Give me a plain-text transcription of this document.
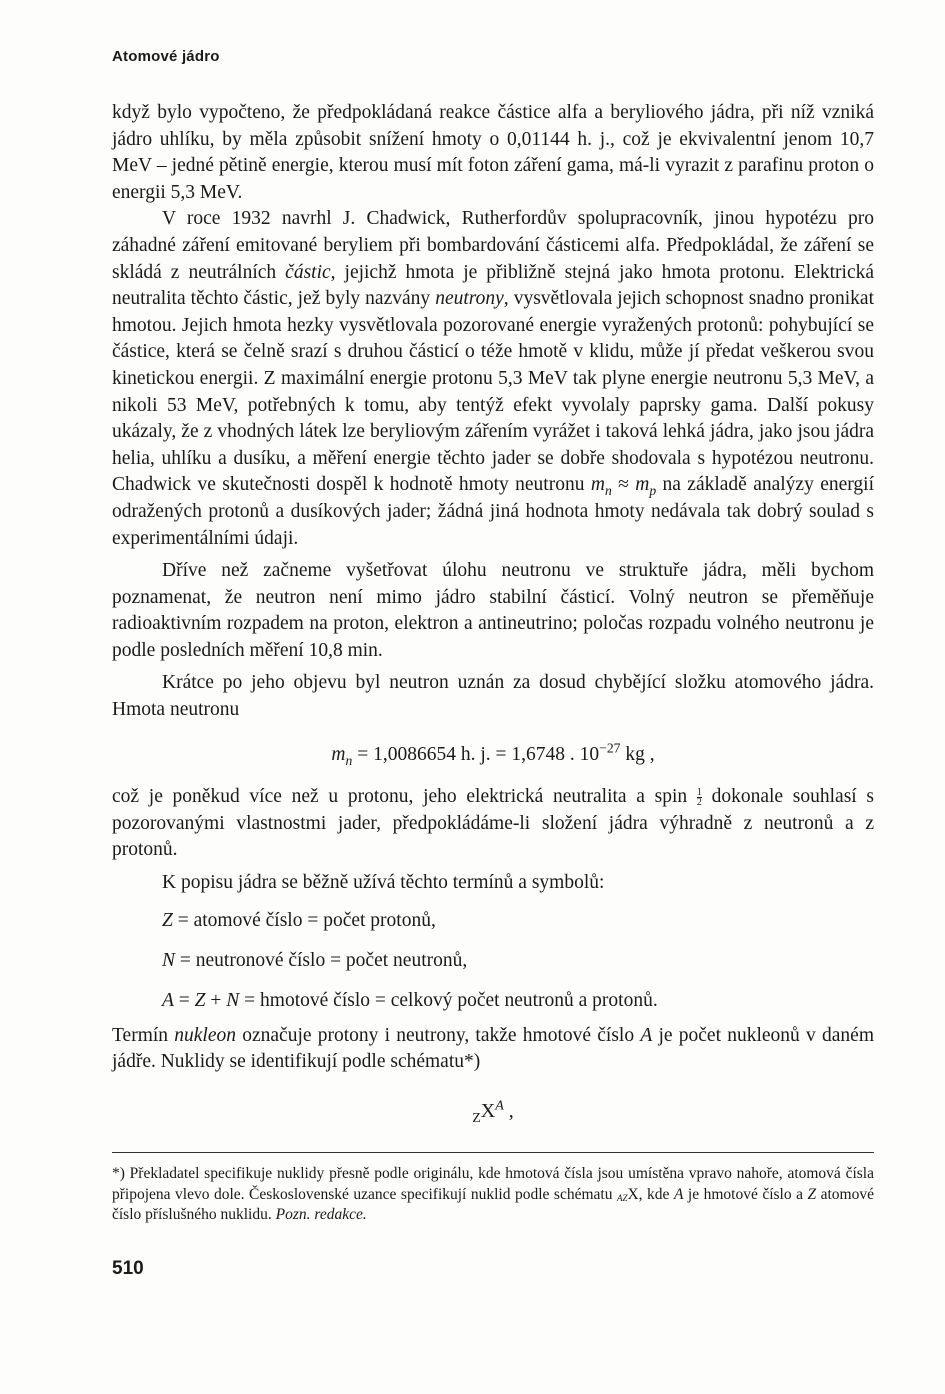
Atomové jádro

když bylo vypočteno, že předpokládaná reakce částice alfa a beryliového jádra, při níž vzniká jádro uhlíku, by měla způsobit snížení hmoty o 0,01144 h. j., což je ekvivalentní jenom 10,7 MeV – jedné pětině energie, kterou musí mít foton záření gama, má-li vyrazit z parafinu proton o energii 5,3 MeV.

V roce 1932 navrhl J. Chadwick, Rutherfordův spolupracovník, jinou hypotézu pro záhadné záření emitované beryliem při bombardování částicemi alfa. Předpokládal, že záření se skládá z neutrálních částic, jejichž hmota je přibližně stejná jako hmota protonu. Elektrická neutralita těchto částic, jež byly nazvány neutrony, vysvětlovala jejich schopnost snadno pronikat hmotou. Jejich hmota hezky vysvětlovala pozorované energie vyražených protonů: pohybující se částice, která se čelně srazí s druhou částicí o téže hmotě v klidu, může jí předat veškerou svou kinetickou energii. Z maximální energie protonu 5,3 MeV tak plyne energie neutronu 5,3 MeV, a nikoli 53 MeV, potřebných k tomu, aby tentýž efekt vyvolaly paprsky gama. Další pokusy ukázaly, že z vhodných látek lze beryliovým zářením vyrážet i taková lehká jádra, jako jsou jádra helia, uhlíku a dusíku, a měření energie těchto jader se dobře shodovala s hypotézou neutronu. Chadwick ve skutečnosti dospěl k hodnotě hmoty neutronu $m_n \approx m_p$ na základě analýzy energií odražených protonů a dusíkových jader; žádná jiná hodnota hmoty nedávala tak dobrý soulad s experimentálními údaji.

Dříve než začneme vyšetřovat úlohu neutronu ve struktuře jádra, měli bychom poznamenat, že neutron není mimo jádro stabilní částicí. Volný neutron se přeměňuje radioaktivním rozpadem na proton, elektron a antineutrino; poločas rozpadu volného neutronu je podle posledních měření 10,8 min.

Krátce po jeho objevu byl neutron uznán za dosud chybějící složku atomového jádra. Hmota neutronu

$m_n = 1,0086654$ h. j. = 1,6748 . $10^{-27}$ kg ,

což je poněkud více než u protonu, jeho elektrická neutralita a spin $\frac{1}{2}$ dokonale souhlasí s pozorovanými vlastnostmi jader, předpokládáme-li složení jádra výhradně z neutronů a z protonů.

K popisu jádra se běžně užívá těchto termínů a symbolů:

Z = atomové číslo = počet protonů,

N = neutronové číslo = počet neutronů,

A = Z + N = hmotové číslo = celkový počet neutronů a protonů.

Termín nukleon označuje protony i neutrony, takže hmotové číslo A je počet nukleonů v daném jádře. Nuklidy se identifikují podle schématu*)

$_ZX^A$ ,

*) Překladatel specifikuje nuklidy přesně podle originálu, kde hmotová čísla jsou umístěna vpravo nahoře, atomová čísla připojena vlevo dole. Československé uzance specifikují nuklid podle schématu AZX, kde A je hmotové číslo a Z atomové číslo příslušného nuklidu. Pozn. redakce.
510
